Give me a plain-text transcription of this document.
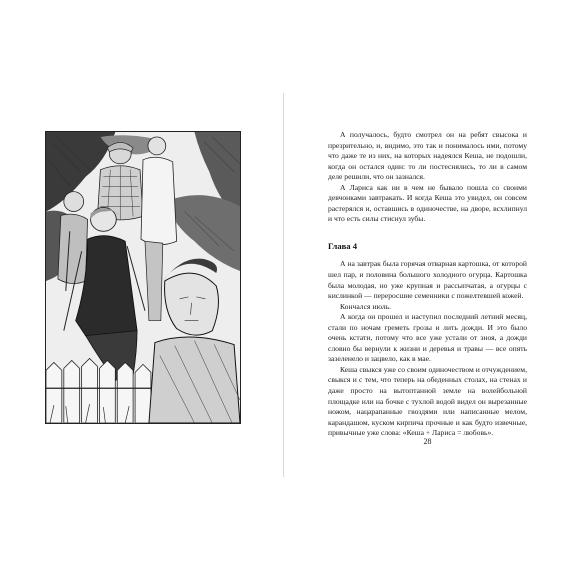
А получалось, будто смотрел он на ребят свысока и презрительно, и, видимо, это так и понималось ими, потому что даже те из них, на которых надеялся Кеша, не подошли, когда он остался один: то ли постеснялись, то ли в самом деле решили, что он зазнался.

А Лариса как ни в чем не бывало пошла со своими девчонками завтракать. И когда Кеша это увидел, он совсем растерялся и, оставшись в одиночестве, на дворе, всхлипнул и что есть силы стиснул зубы.

Глава 4

А на завтрак была горячая отварная картошка, от которой шел пар, и половина большого холодного огурца. Картошка была молодая, но уже крупная и рассыпчатая, а огурцы с кислинкой — переросшие семенники с пожелтевшей кожей.

Кончался июль.

А когда он прошел и наступил последний летний месяц, стали по ночам греметь грозы и лить дожди. И это было очень кстати, потому что все уже устали от зноя, а дожди словно бы вернули к жизни и деревья и травы — все опять зазеленело и зацвело, как в мае.

Кеша свыкся уже со своим одиночеством и отчуждением, свыкся и с тем, что теперь на обеденных столах, на стенах и даже просто на вытоптанной земле на волейбольной площадке или на бочке с тухлой водой видел он вырезанные ножом, нацарапанные гвоздями или написанные мелом, карандашом, куском кирпича прочные и как будто извечные, привычные уже слова: «Кеша + Лариса = любовь».

28
